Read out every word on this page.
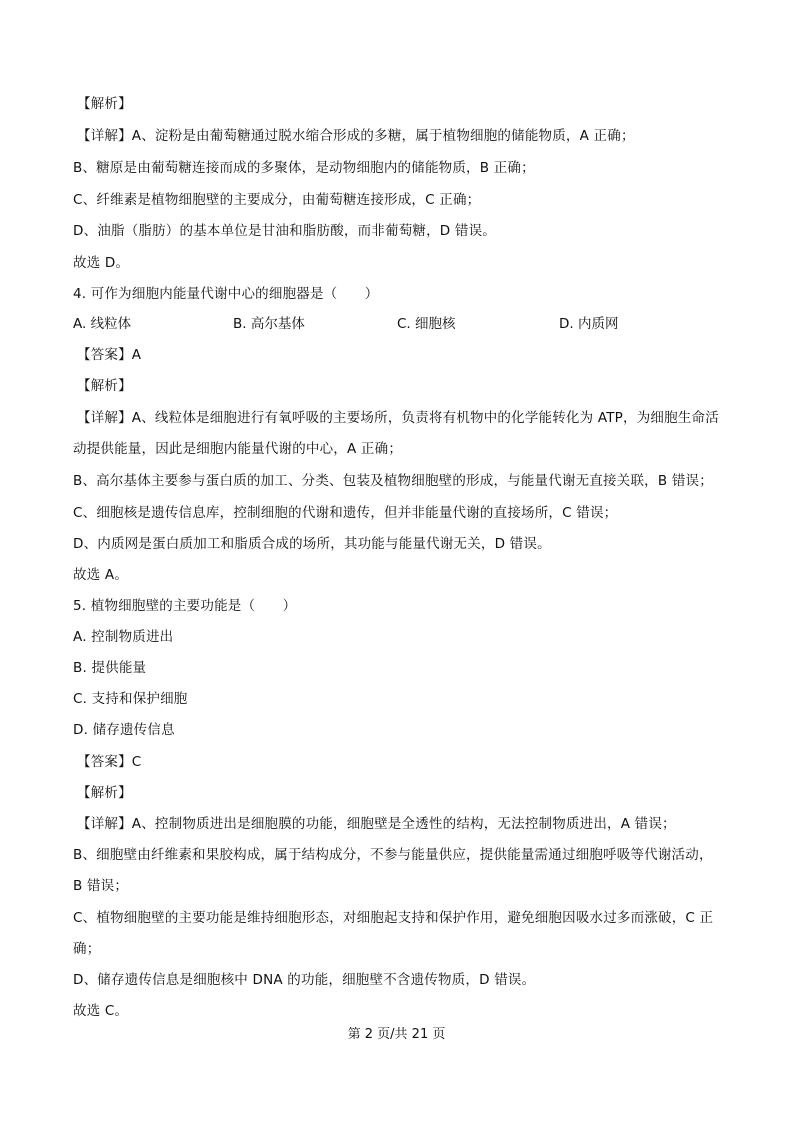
【解析】
【详解】A、淀粉是由葡萄糖通过脱水缩合形成的多糖，属于植物细胞的储能物质，A 正确；
B、糖原是由葡萄糖连接而成的多聚体，是动物细胞内的储能物质，B 正确；
C、纤维素是植物细胞壁的主要成分，由葡萄糖连接形成，C 正确；
D、油脂（脂肪）的基本单位是甘油和脂肪酸，而非葡萄糖，D 错误。
故选 D。
4. 可作为细胞内能量代谢中心的细胞器是（　　）
A. 线粒体	B. 高尔基体	C. 细胞核	D. 内质网
【答案】A
【解析】
【详解】A、线粒体是细胞进行有氧呼吸的主要场所，负责将有机物中的化学能转化为 ATP，为细胞生命活
动提供能量，因此是细胞内能量代谢的中心，A 正确；
B、高尔基体主要参与蛋白质的加工、分类、包装及植物细胞壁的形成，与能量代谢无直接关联，B 错误；
C、细胞核是遗传信息库，控制细胞的代谢和遗传，但并非能量代谢的直接场所，C 错误；
D、内质网是蛋白质加工和脂质合成的场所，其功能与能量代谢无关，D 错误。
故选 A。
5. 植物细胞壁的主要功能是（　　）
A. 控制物质进出
B. 提供能量
C. 支持和保护细胞
D. 储存遗传信息
【答案】C
【解析】
【详解】A、控制物质进出是细胞膜的功能，细胞壁是全透性的结构，无法控制物质进出，A 错误；
B、细胞壁由纤维素和果胶构成，属于结构成分，不参与能量供应，提供能量需通过细胞呼吸等代谢活动，
B 错误；
C、植物细胞壁的主要功能是维持细胞形态，对细胞起支持和保护作用，避免细胞因吸水过多而涨破，C 正
确；
D、储存遗传信息是细胞核中 DNA 的功能，细胞壁不含遗传物质，D 错误。
故选 C。
第 2 页/共 21 页
